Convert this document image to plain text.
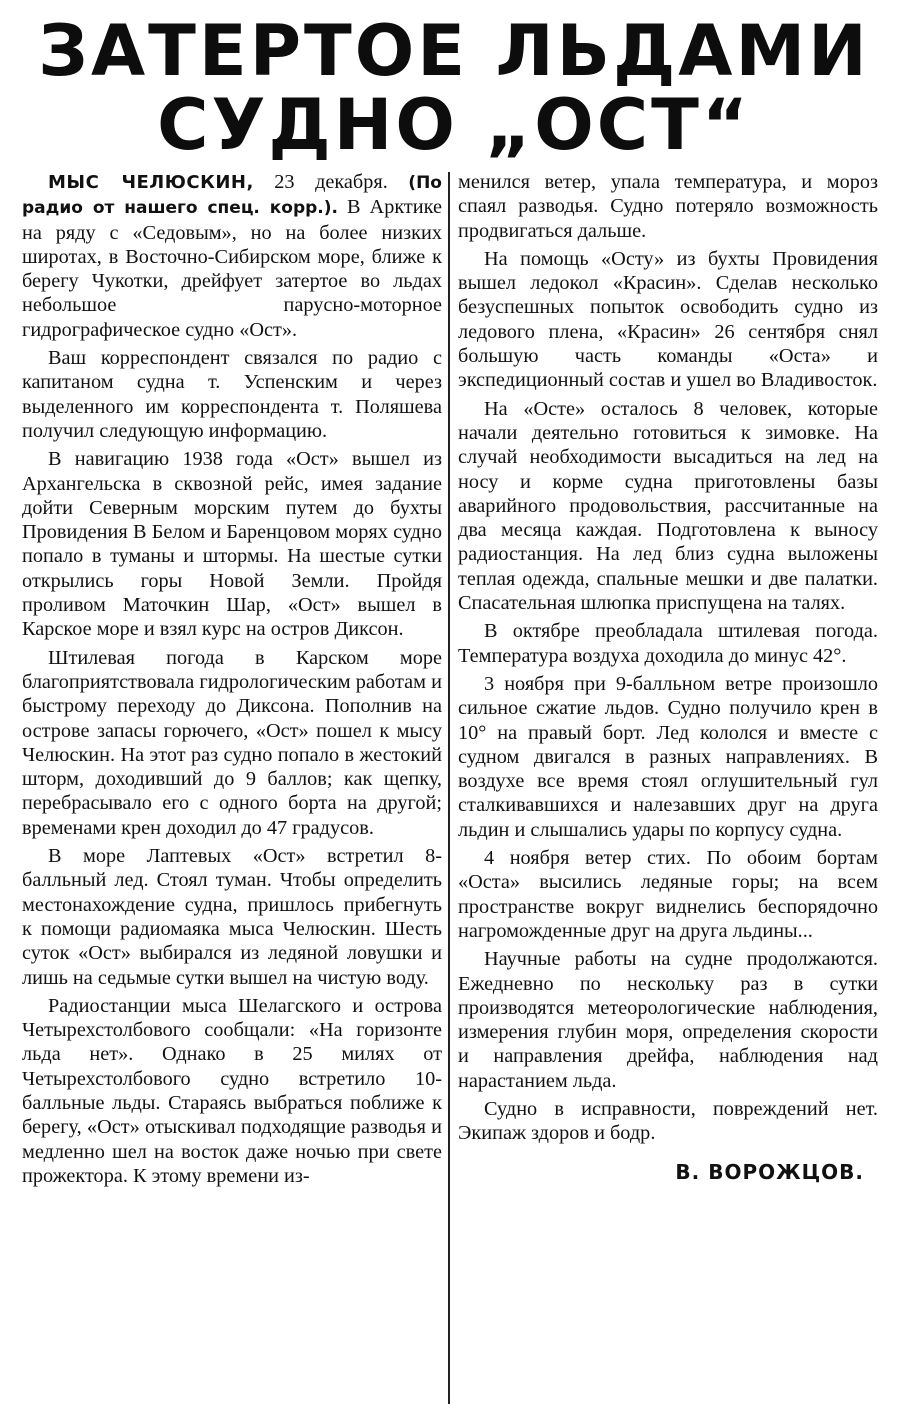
ЗАТЕРТОЕ ЛЬДАМИ
СУДНО „ОСТ“

МЫС ЧЕЛЮСКИН, 23 декабря. (По радио от нашего спец. корр.). В Арктике на ряду с «Седовым», но на более низких широтах, в Восточно-Сибирском море, ближе к берегу Чукотки, дрейфует затертое во льдах небольшое парусно-моторное гидрографическое судно «Ост».

Ваш корреспондент связался по радио с капитаном судна т. Успенским и через выделенного им корреспондента т. Поляшева получил следующую информацию.

В навигацию 1938 года «Ост» вышел из Архангельска в сквозной рейс, имея задание дойти Северным морским путем до бухты Провидения В Белом и Баренцовом морях судно попало в туманы и штормы. На шестые сутки открылись горы Новой Земли. Пройдя проливом Маточкин Шар, «Ост» вышел в Карское море и взял курс на остров Диксон.

Штилевая погода в Карском море благоприятствовала гидрологическим работам и быстрому переходу до Диксона. Пополнив на острове запасы горючего, «Ост» пошел к мысу Челюскин. На этот раз судно попало в жестокий шторм, доходивший до 9 баллов; как щепку, перебрасывало его с одного борта на другой; временами крен доходил до 47 градусов.

В море Лаптевых «Ост» встретил 8-балльный лед. Стоял туман. Чтобы определить местонахождение судна, пришлось прибегнуть к помощи радиомаяка мыса Челюскин. Шесть суток «Ост» выбирался из ледяной ловушки и лишь на седьмые сутки вышел на чистую воду.

Радиостанции мыса Шелагского и острова Четырехстолбового сообщали: «На горизонте льда нет». Однако в 25 милях от Четырехстолбового судно встретило 10-балльные льды. Стараясь выбраться поближе к берегу, «Ост» отыскивал подходящие разводья и медленно шел на восток даже ночью при свете прожектора. К этому времени из-

менился ветер, упала температура, и мороз спаял разводья. Судно потеряло возможность продвигаться дальше.

На помощь «Осту» из бухты Провидения вышел ледокол «Красин». Сделав несколько безуспешных попыток освободить судно из ледового плена, «Красин» 26 сентября снял большую часть команды «Оста» и экспедиционный состав и ушел во Владивосток.

На «Осте» осталось 8 человек, которые начали деятельно готовиться к зимовке. На случай необходимости высадиться на лед на носу и корме судна приготовлены базы аварийного продовольствия, рассчитанные на два месяца каждая. Подготовлена к выносу радиостанция. На лед близ судна выложены теплая одежда, спальные мешки и две палатки. Спасательная шлюпка приспущена на талях.

В октябре преобладала штилевая погода. Температура воздуха доходила до минус 42°.

3 ноября при 9-балльном ветре произошло сильное сжатие льдов. Судно получило крен в 10° на правый борт. Лед кололся и вместе с судном двигался в разных направлениях. В воздухе все время стоял оглушительный гул сталкивавшихся и налезавших друг на друга льдин и слышались удары по корпусу судна.

4 ноября ветер стих. По обоим бортам «Оста» высились ледяные горы; на всем пространстве вокруг виднелись беспорядочно нагроможденные друг на друга льдины...

Научные работы на судне продолжаются. Ежедневно по нескольку раз в сутки производятся метеорологические наблюдения, измерения глубин моря, определения скорости и направления дрейфа, наблюдения над нарастанием льда.

Судно в исправности, повреждений нет. Экипаж здоров и бодр.

В. ВОРОЖЦОВ.
